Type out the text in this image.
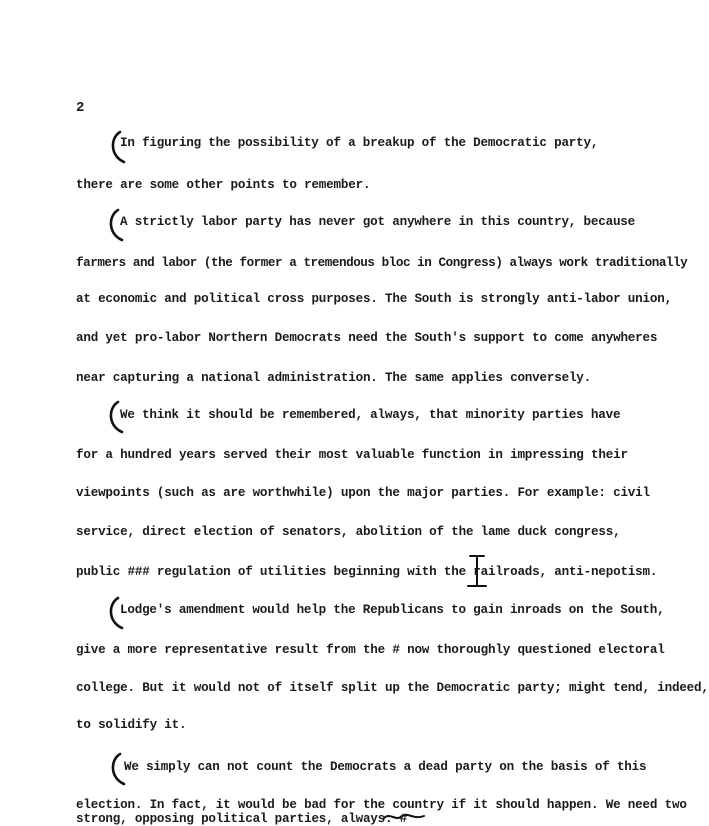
2
In figuring the possibility of a breakup of the Democratic party,
there are some other points to remember.
A strictly labor party has never got anywhere in this country, because
farmers and labor (the former a tremendous bloc in Congress) always work traditionally
at economic and political cross purposes. The South is strongly anti-labor union,
and yet pro-labor Northern Democrats need the South's support to come anywheres
near capturing a national administration. The same applies conversely.
We think it should be remembered, always, that minority parties have
for a hundred years served their most valuable function in impressing their
viewpoints (such as are worthwhile) upon the major parties. For example: civil
service, direct election of senators, abolition of the lame duck congress,
public ### regulation of utilities beginning with the railroads, anti-nepotism.
Lodge's amendment would help the Republicans to gain inroads on the South,
give a more representative result from the # now thoroughly questioned electoral
college. But it would not of itself split up the Democratic party; might tend, indeed,
to solidify it.
We simply can not count the Democrats a dead party on the basis of this
election. In fact, it would be bad for the country if it should happen. We need two
strong, opposing political parties, always. #
